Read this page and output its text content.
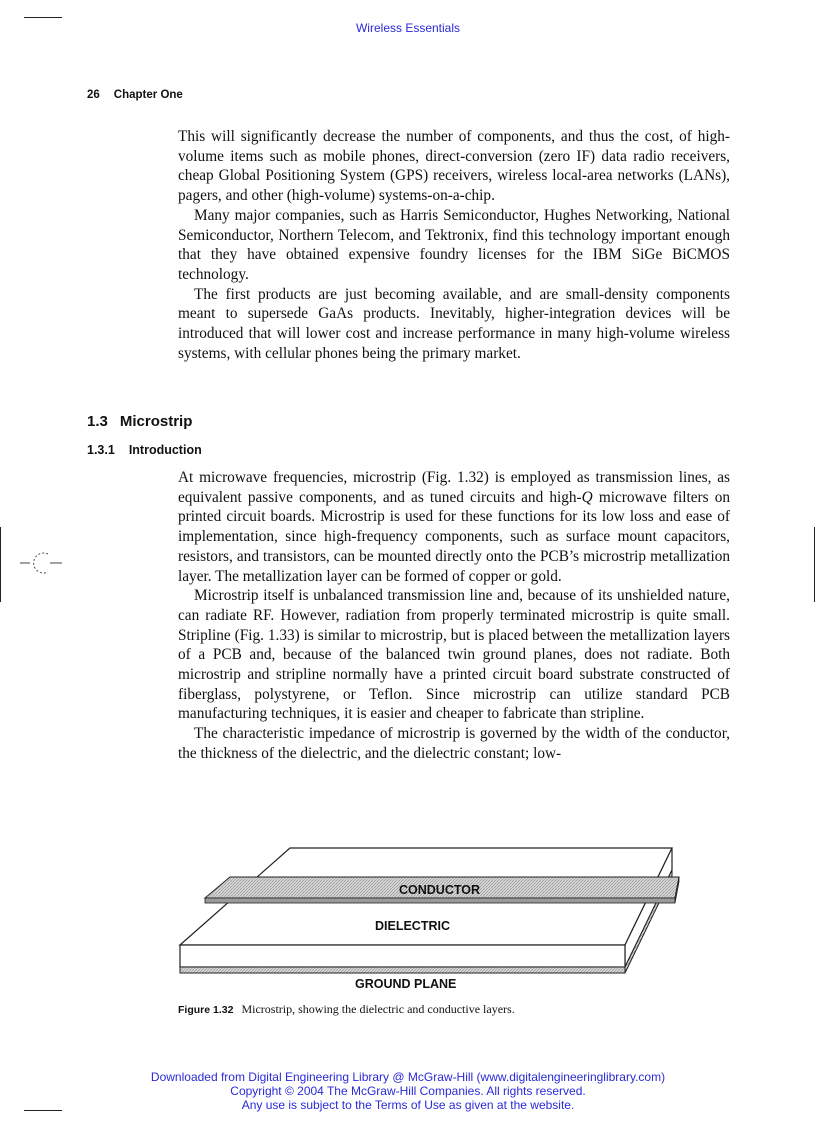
Wireless Essentials
26 Chapter One

This will significantly decrease the number of components, and thus the cost, of high-volume items such as mobile phones, direct-conversion (zero IF) data radio receivers, cheap Global Positioning System (GPS) receivers, wireless local-area networks (LANs), pagers, and other (high-volume) systems-on-a-chip.

Many major companies, such as Harris Semiconductor, Hughes Networking, National Semiconductor, Northern Telecom, and Tektronix, find this technology important enough that they have obtained expensive foundry licenses for the IBM SiGe BiCMOS technology.

The first products are just becoming available, and are small-density components meant to supersede GaAs products. Inevitably, higher-integration devices will be introduced that will lower cost and increase performance in many high-volume wireless systems, with cellular phones being the primary market.

1.3 Microstrip
1.3.1 Introduction

At microwave frequencies, microstrip (Fig. 1.32) is employed as transmission lines, as equivalent passive components, and as tuned circuits and high-Q microwave filters on printed circuit boards. Microstrip is used for these functions for its low loss and ease of implementation, since high-frequency components, such as surface mount capacitors, resistors, and transistors, can be mounted directly onto the PCB’s microstrip metallization layer. The metallization layer can be formed of copper or gold.

Microstrip itself is unbalanced transmission line and, because of its unshielded nature, can radiate RF. However, radiation from properly terminated microstrip is quite small. Stripline (Fig. 1.33) is similar to microstrip, but is placed between the metallization layers of a PCB and, because of the balanced twin ground planes, does not radiate. Both microstrip and stripline normally have a printed circuit board substrate constructed of fiberglass, polystyrene, or Teflon. Since microstrip can utilize standard PCB manufacturing techniques, it is easier and cheaper to fabricate than stripline.

The characteristic impedance of microstrip is governed by the width of the conductor, the thickness of the dielectric, and the dielectric constant; low-

CONDUCTOR
DIELECTRIC
GROUND PLANE
Figure 1.32 Microstrip, showing the dielectric and conductive layers.
Downloaded from Digital Engineering Library @ McGraw-Hill (www.digitalengineeringlibrary.com)
Copyright © 2004 The McGraw-Hill Companies. All rights reserved.
Any use is subject to the Terms of Use as given at the website.
